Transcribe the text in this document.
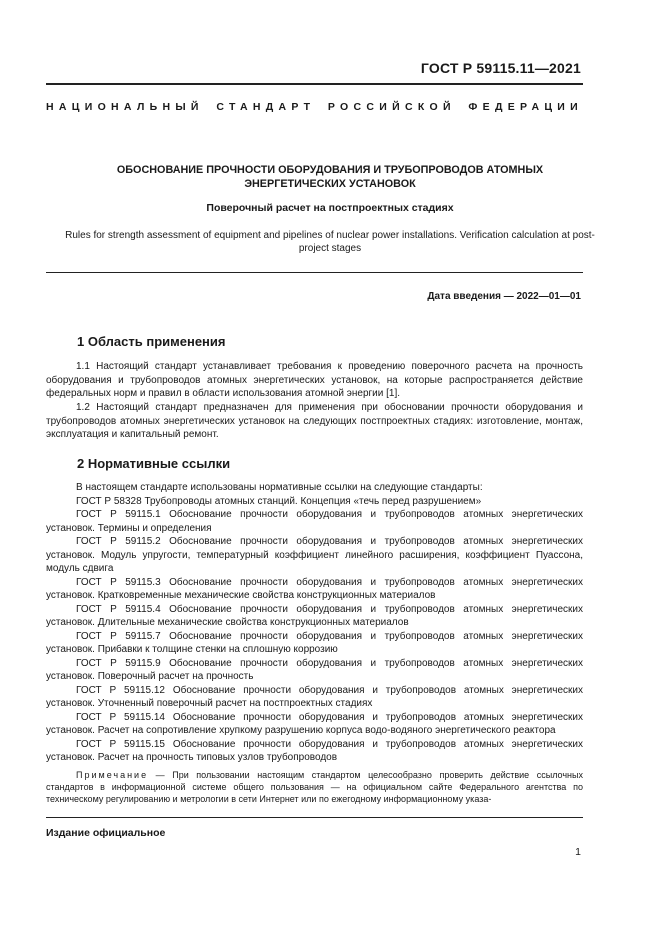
ГОСТ Р 59115.11—2021
НАЦИОНАЛЬНЫЙ СТАНДАРТ РОССИЙСКОЙ ФЕДЕРАЦИИ
ОБОСНОВАНИЕ ПРОЧНОСТИ ОБОРУДОВАНИЯ И ТРУБОПРОВОДОВ АТОМНЫХ
ЭНЕРГЕТИЧЕСКИХ УСТАНОВОК
Поверочный расчет на постпроектных стадиях
Rules for strength assessment of equipment and pipelines of nuclear power installations. Verification calculation at post-
project stages
Дата введения — 2022—01—01
1 Область применения
1.1 Настоящий стандарт устанавливает требования к проведению поверочного расчета на прочность оборудования и трубопроводов атомных энергетических установок, на которые распространяется действие федеральных норм и правил в области использования атомной энергии [1].
1.2 Настоящий стандарт предназначен для применения при обосновании прочности оборудования и трубопроводов атомных энергетических установок на следующих постпроектных стадиях: изготовление, монтаж, эксплуатация и капитальный ремонт.
2 Нормативные ссылки

В настоящем стандарте использованы нормативные ссылки на следующие стандарты:

ГОСТ Р 58328 Трубопроводы атомных станций. Концепция «течь перед разрушением»

ГОСТ Р 59115.1 Обоснование прочности оборудования и трубопроводов атомных энергетических установок. Термины и определения

ГОСТ Р 59115.2 Обоснование прочности оборудования и трубопроводов атомных энергетических установок. Модуль упругости, температурный коэффициент линейного расширения, коэффициент Пуассона, модуль сдвига

ГОСТ Р 59115.3 Обоснование прочности оборудования и трубопроводов атомных энергетических установок. Кратковременные механические свойства конструкционных материалов

ГОСТ Р 59115.4 Обоснование прочности оборудования и трубопроводов атомных энергетических установок. Длительные механические свойства конструкционных материалов

ГОСТ Р 59115.7 Обоснование прочности оборудования и трубопроводов атомных энергетических установок. Прибавки к толщине стенки на сплошную коррозию

ГОСТ Р 59115.9 Обоснование прочности оборудования и трубопроводов атомных энергетических установок. Поверочный расчет на прочность

ГОСТ Р 59115.12 Обоснование прочности оборудования и трубопроводов атомных энергетических установок. Уточненный поверочный расчет на постпроектных стадиях

ГОСТ Р 59115.14 Обоснование прочности оборудования и трубопроводов атомных энергетических установок. Расчет на сопротивление хрупкому разрушению корпуса водо-водяного энергетического реактора

ГОСТ Р 59115.15 Обоснование прочности оборудования и трубопроводов атомных энергетических установок. Расчет на прочность типовых узлов трубопроводов

Примечание — При пользовании настоящим стандартом целесообразно проверить действие ссылочных стандартов в информационной системе общего пользования — на официальном сайте Федерального агентства по техническому регулированию и метрологии в сети Интернет или по ежегодному информационному указа-
Издание официальное
1
